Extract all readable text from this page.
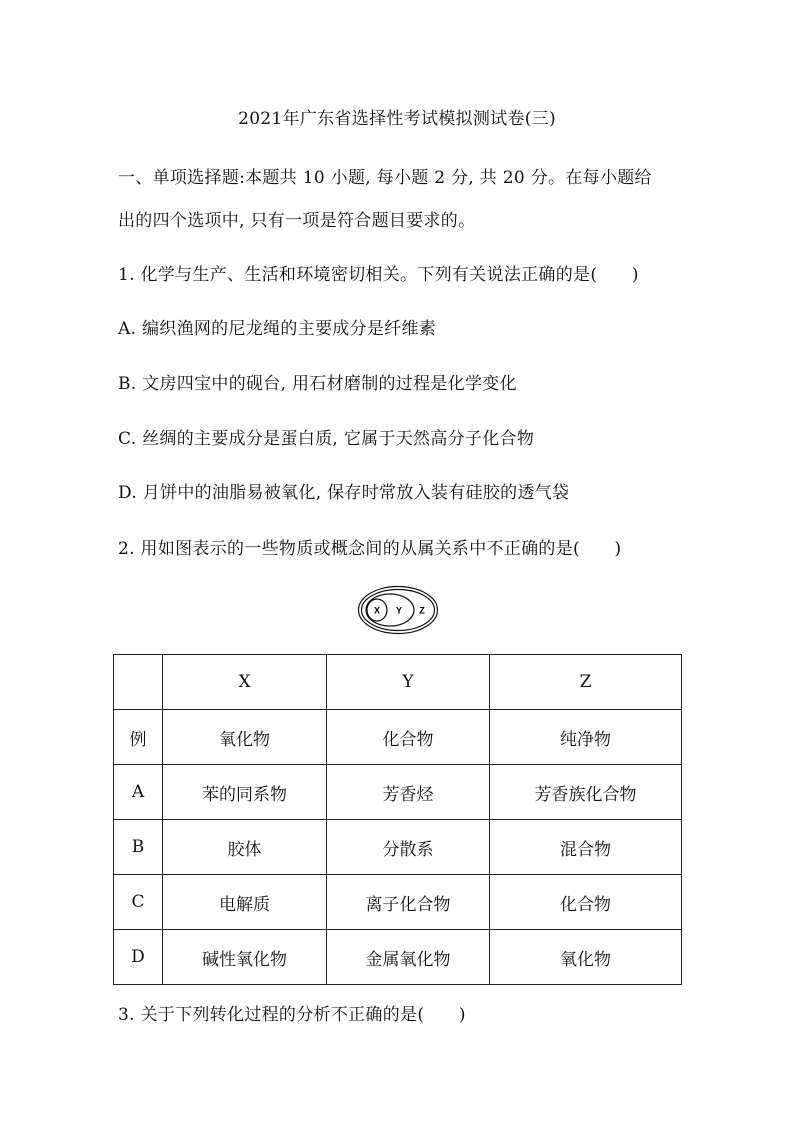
2021年广东省选择性考试模拟测试卷(三)
一、单项选择题:本题共 10 小题, 每小题 2 分, 共 20 分。在每小题给
出的四个选项中, 只有一项是符合题目要求的。
1. 化学与生产、生活和环境密切相关。下列有关说法正确的是(　　)
A. 编织渔网的尼龙绳的主要成分是纤维素
B. 文房四宝中的砚台, 用石材磨制的过程是化学变化
C. 丝绸的主要成分是蛋白质, 它属于天然高分子化合物
D. 月饼中的油脂易被氧化, 保存时常放入装有硅胶的透气袋
2. 用如图表示的一些物质或概念间的从属关系中不正确的是(　　)
X Y Z
	X	Y	Z
例	氧化物	化合物	纯净物
A	苯的同系物	芳香烃	芳香族化合物
B	胶体	分散系	混合物
C	电解质	离子化合物	化合物
D	碱性氧化物	金属氧化物	氧化物
3. 关于下列转化过程的分析不正确的是(　　)
